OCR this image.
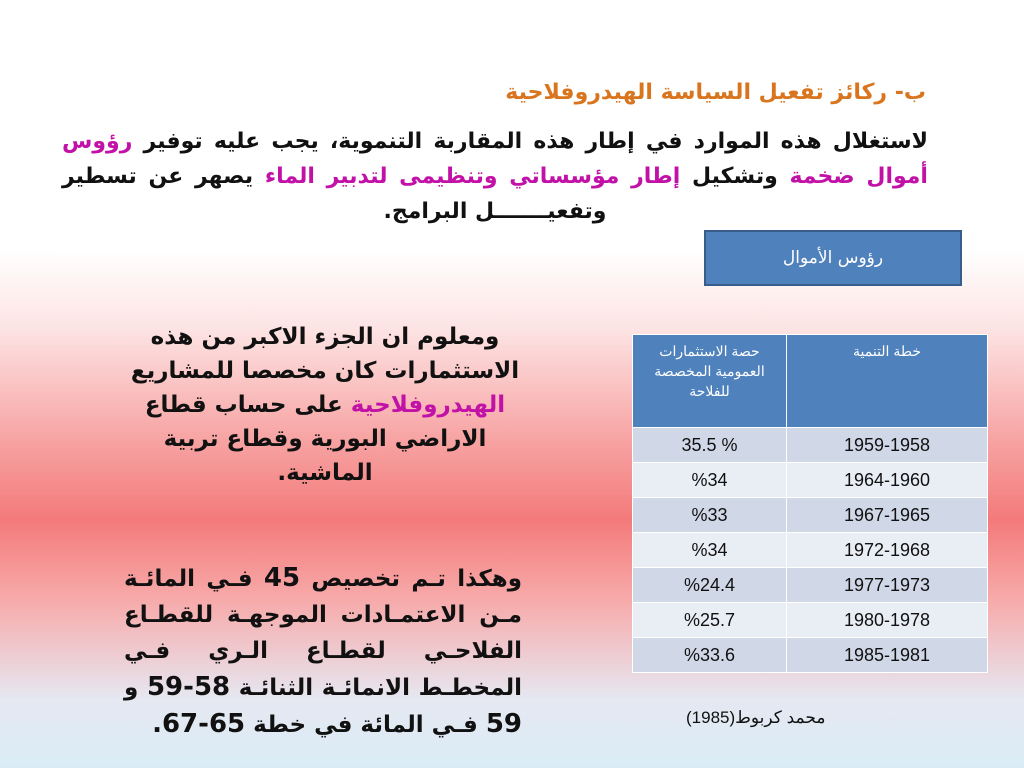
ب- ركائز تفعيل السياسة الهيدروفلاحية

لاستغلال هذه الموارد في إطار هذه المقاربة التنموية، يجب عليه توفير رؤوس أموال ضخمة وتشكيل إطار مؤسساتي وتنظيمى لتدبير الماء يصهر عن تسطير وتفعيـــــــل البرامج.

رؤوس الأموال

ومعلوم ان الجزء الاكبر من هذه الاستثمارات كان مخصصا للمشاريع الهيدروفلاحية على حساب قطاع الاراضي البورية وقطاع تربية الماشية.

وهكذا تـم تخصيص 45 فـي المائـة مـن الاعتمـادات الموجهـة للقطـاع الفلاحـي لقطـاع الـري فـي المخطـط الانمائـة الثنائـة 58-59 و 59 فـي المائة في خطة 65-67.

خطة التنمية	حصة الاستثمارات العمومية المخصصة للفلاحة
1959-1958	% 35.5
1964-1960	%34
1967-1965	%33
1972-1968	%34
1977-1973	%24.4
1980-1978	%25.7
1985-1981	%33.6
محمد كربوط(1985)
